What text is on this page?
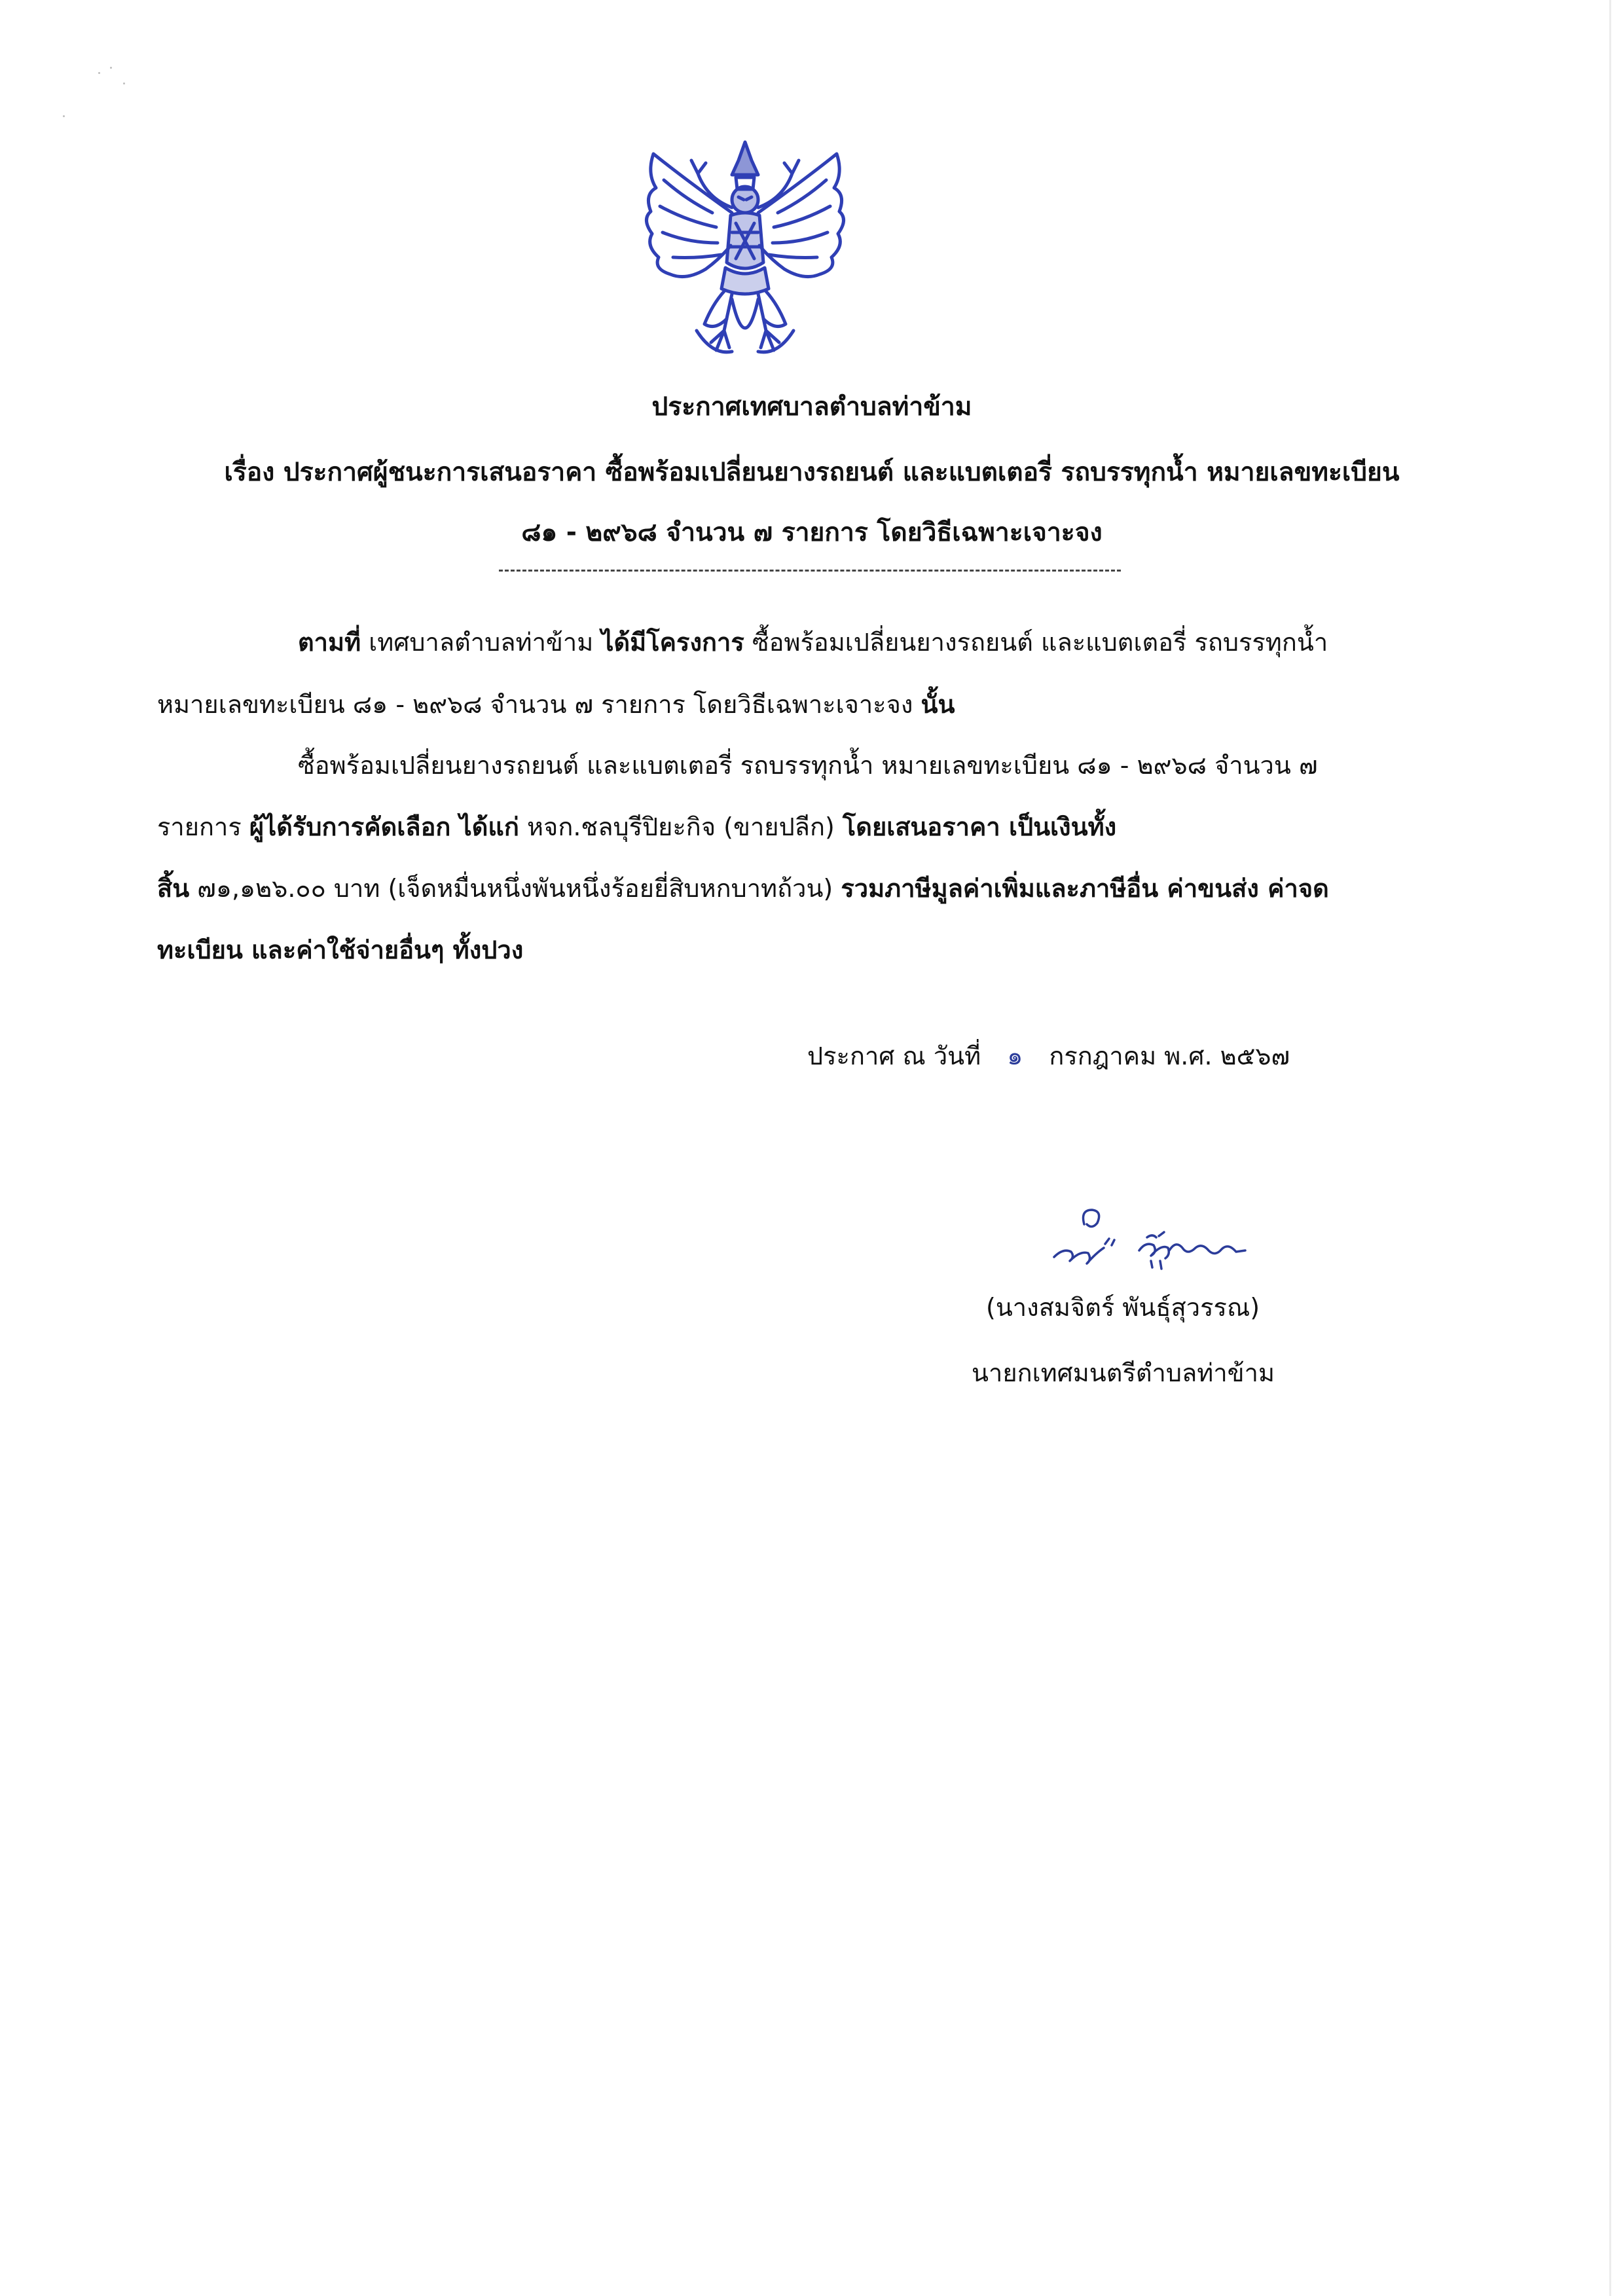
ประกาศเทศบาลตำบลท่าข้าม
เรื่อง ประกาศผู้ชนะการเสนอราคา ซื้อพร้อมเปลี่ยนยางรถยนต์ และแบตเตอรี่ รถบรรทุกน้ำ หมายเลขทะเบียน
๘๑ - ๒๙๖๘ จำนวน ๗ รายการ โดยวิธีเฉพาะเจาะจง
ตามที่ เทศบาลตำบลท่าข้าม ได้มีโครงการ ซื้อพร้อมเปลี่ยนยางรถยนต์ และแบตเตอรี่ รถบรรทุกน้ำ
หมายเลขทะเบียน ๘๑ - ๒๙๖๘ จำนวน ๗ รายการ โดยวิธีเฉพาะเจาะจง นั้น
ซื้อพร้อมเปลี่ยนยางรถยนต์ และแบตเตอรี่ รถบรรทุกน้ำ หมายเลขทะเบียน ๘๑ - ๒๙๖๘ จำนวน ๗
รายการ ผู้ได้รับการคัดเลือก ได้แก่ หจก.ชลบุรีปิยะกิจ (ขายปลีก) โดยเสนอราคา เป็นเงินทั้ง
สิ้น ๗๑,๑๒๖.๐๐ บาท (เจ็ดหมื่นหนึ่งพันหนึ่งร้อยยี่สิบหกบาทถ้วน) รวมภาษีมูลค่าเพิ่มและภาษีอื่น ค่าขนส่ง ค่าจด
ทะเบียน และค่าใช้จ่ายอื่นๆ ทั้งปวง
ประกาศ ณ วันที่ ๑ กรกฎาคม พ.ศ. ๒๕๖๗
(นางสมจิตร์ พันธุ์สุวรรณ)
นายกเทศมนตรีตำบลท่าข้าม
